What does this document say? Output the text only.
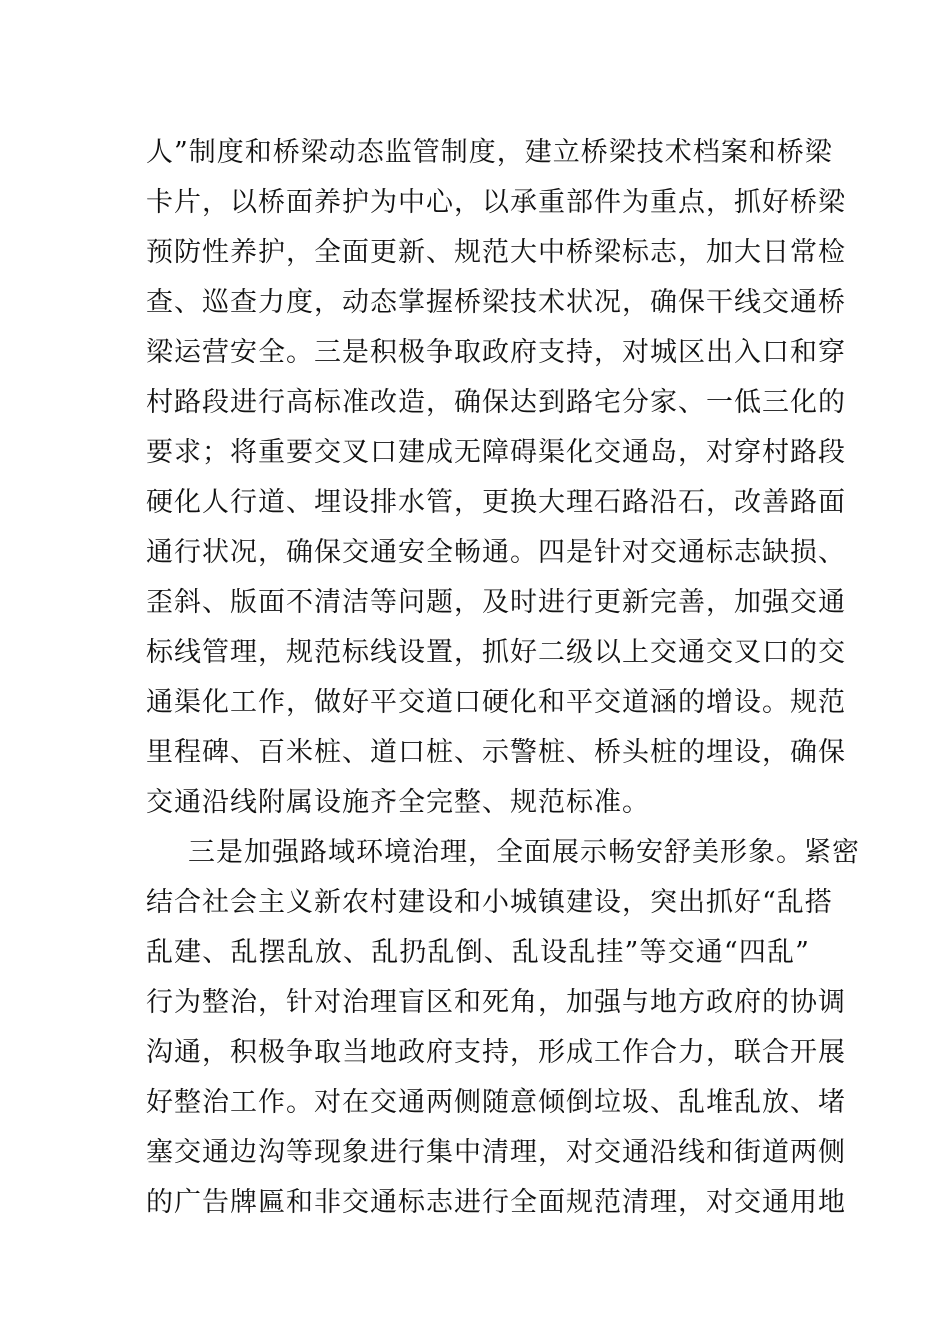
人”制度和桥梁动态监管制度，建立桥梁技术档案和桥梁

卡片，以桥面养护为中心，以承重部件为重点，抓好桥梁

预防性养护，全面更新、规范大中桥梁标志，加大日常检

查、巡查力度，动态掌握桥梁技术状况，确保干线交通桥

梁运营安全。三是积极争取政府支持，对城区出入口和穿

村路段进行高标准改造，确保达到路宅分家、一低三化的

要求；将重要交叉口建成无障碍渠化交通岛，对穿村路段

硬化人行道、埋设排水管，更换大理石路沿石，改善路面

通行状况，确保交通安全畅通。四是针对交通标志缺损、

歪斜、版面不清洁等问题，及时进行更新完善，加强交通

标线管理，规范标线设置，抓好二级以上交通交叉口的交

通渠化工作，做好平交道口硬化和平交道涵的增设。规范

里程碑、百米桩、道口桩、示警桩、桥头桩的埋设，确保

交通沿线附属设施齐全完整、规范标准。

三是加强路域环境治理，全面展示畅安舒美形象。紧密

结合社会主义新农村建设和小城镇建设，突出抓好“乱搭

乱建、乱摆乱放、乱扔乱倒、乱设乱挂”等交通“四乱”

行为整治，针对治理盲区和死角，加强与地方政府的协调

沟通，积极争取当地政府支持，形成工作合力，联合开展

好整治工作。对在交通两侧随意倾倒垃圾、乱堆乱放、堵

塞交通边沟等现象进行集中清理，对交通沿线和街道两侧

的广告牌匾和非交通标志进行全面规范清理，对交通用地
